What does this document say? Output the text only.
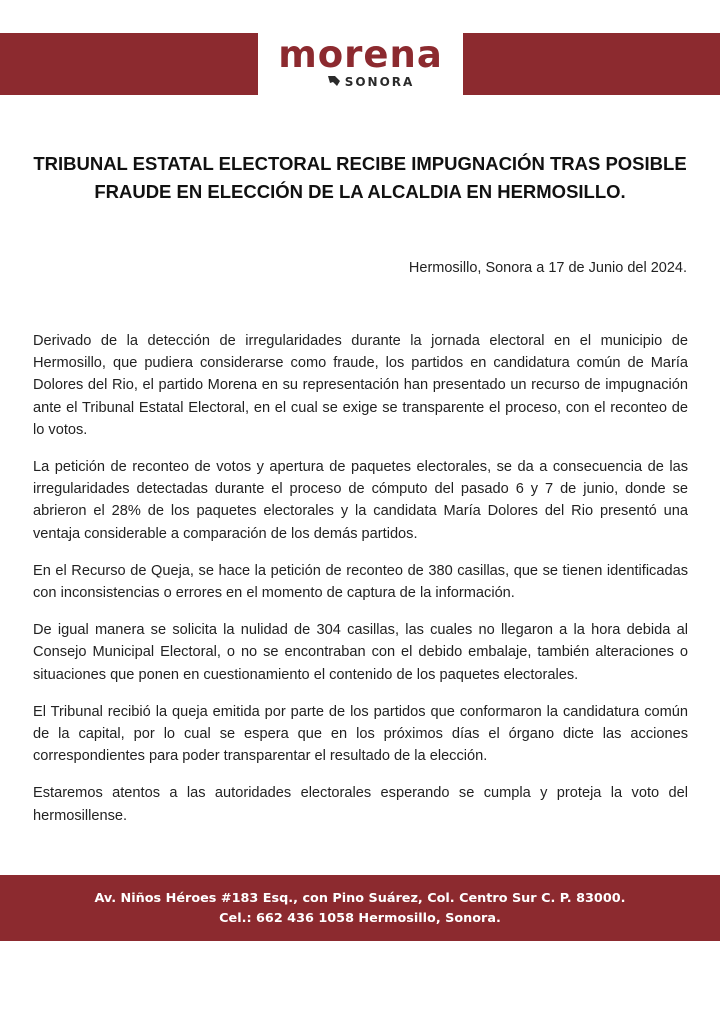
morena
SONORA
TRIBUNAL ESTATAL ELECTORAL RECIBE IMPUGNACIÓN TRAS POSIBLE FRAUDE EN ELECCIÓN DE LA ALCALDIA EN HERMOSILLO.
Hermosillo, Sonora a 17 de Junio del 2024.

Derivado de la detección de irregularidades durante la jornada electoral en el municipio de Hermosillo, que pudiera considerarse como fraude, los partidos en candidatura común de María Dolores del Rio, el partido Morena en su representación han presentado un recurso de impugnación ante el Tribunal Estatal Electoral, en el cual se exige se transparente el proceso, con el reconteo de lo votos.

La petición de reconteo de votos y apertura de paquetes electorales, se da a consecuencia de las irregularidades detectadas durante el proceso de cómputo del pasado 6 y 7 de junio, donde se abrieron el 28% de los paquetes electorales y la candidata María Dolores del Rio presentó una ventaja considerable a comparación de los demás partidos.

En el Recurso de Queja, se hace la petición de reconteo de 380 casillas, que se tienen identificadas con inconsistencias o errores en el momento de captura de la información.

De igual manera se solicita la nulidad de 304 casillas, las cuales no llegaron a la hora debida al Consejo Municipal Electoral, o no se encontraban con el debido embalaje, también alteraciones o situaciones que ponen en cuestionamiento el contenido de los paquetes electorales.

El Tribunal recibió la queja emitida por parte de los partidos que conformaron la candidatura común de la capital, por lo cual se espera que en los próximos días el órgano dicte las acciones correspondientes para poder transparentar el resultado de la elección.

Estaremos atentos a las autoridades electorales esperando se cumpla y proteja la voto del hermosillense.

Av. Niños Héroes #183 Esq., con Pino Suárez, Col. Centro Sur C. P. 83000.
Cel.: 662 436 1058 Hermosillo, Sonora.
